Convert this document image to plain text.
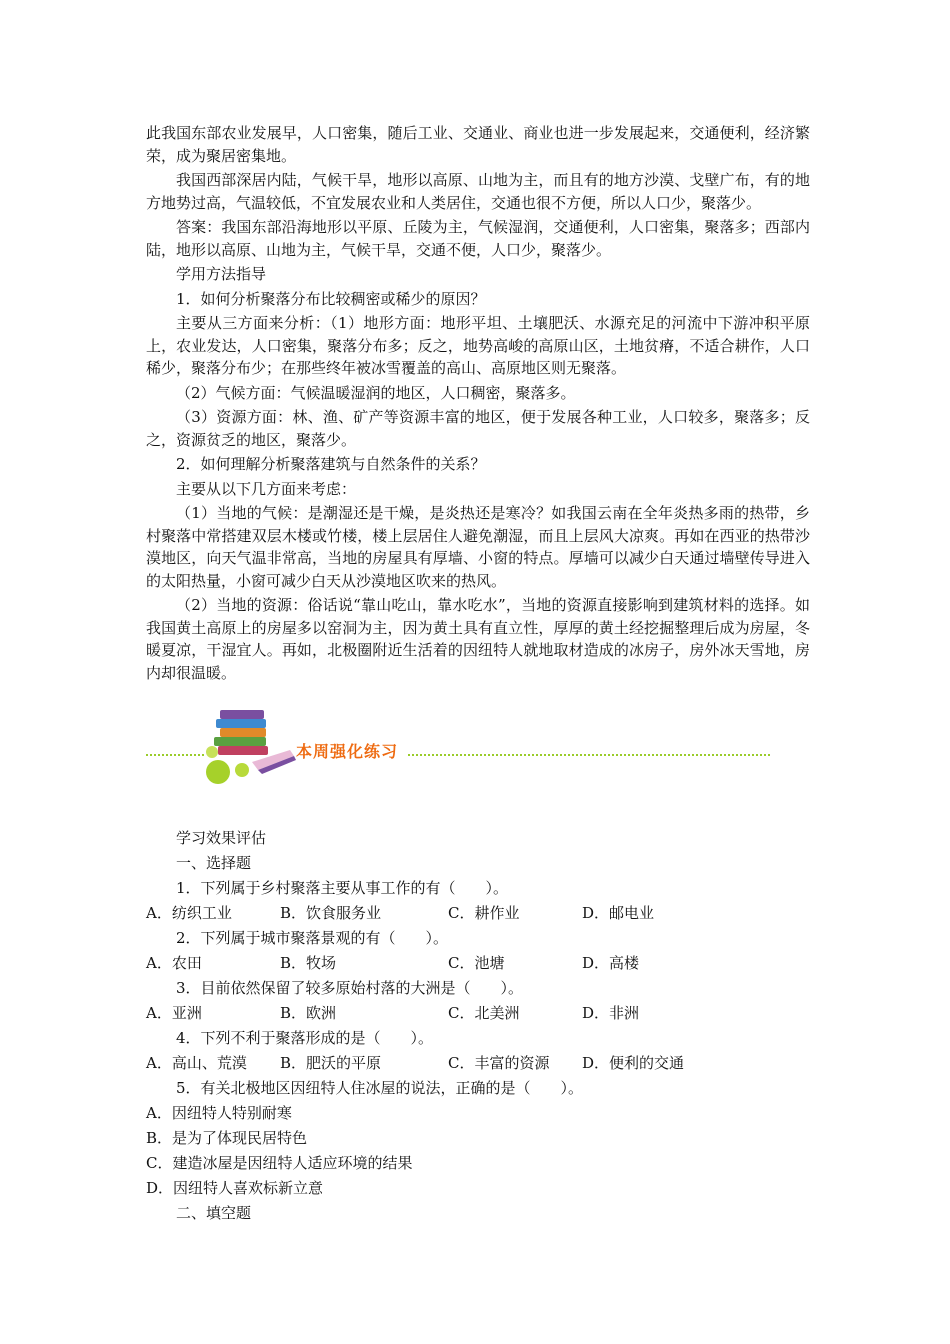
此我国东部农业发展早，人口密集，随后工业、交通业、商业也进一步发展起来，交通便利，经济繁荣，成为聚居密集地。

我国西部深居内陆，气候干旱，地形以高原、山地为主，而且有的地方沙漠、戈壁广布，有的地方地势过高，气温较低，不宜发展农业和人类居住，交通也很不方便，所以人口少，聚落少。

答案：我国东部沿海地形以平原、丘陵为主，气候湿润，交通便利，人口密集，聚落多；西部内陆，地形以高原、山地为主，气候干旱，交通不便，人口少，聚落少。

学用方法指导

1．如何分析聚落分布比较稠密或稀少的原因？

主要从三方面来分析：（1）地形方面：地形平坦、土壤肥沃、水源充足的河流中下游冲积平原上，农业发达，人口密集，聚落分布多；反之，地势高峻的高原山区，土地贫瘠，不适合耕作，人口稀少，聚落分布少；在那些终年被冰雪覆盖的高山、高原地区则无聚落。

（2）气候方面：气候温暖湿润的地区，人口稠密，聚落多。

（3）资源方面：林、渔、矿产等资源丰富的地区，便于发展各种工业，人口较多，聚落多；反之，资源贫乏的地区，聚落少。

2．如何理解分析聚落建筑与自然条件的关系？

主要从以下几方面来考虑：

（1）当地的气候：是潮湿还是干燥，是炎热还是寒冷？如我国云南在全年炎热多雨的热带，乡村聚落中常搭建双层木楼或竹楼，楼上层居住人避免潮湿，而且上层风大凉爽。再如在西亚的热带沙漠地区，向天气温非常高，当地的房屋具有厚墙、小窗的特点。厚墙可以减少白天通过墙壁传导进入的太阳热量，小窗可减少白天从沙漠地区吹来的热风。

（2）当地的资源：俗话说“靠山吃山，靠水吃水”，当地的资源直接影响到建筑材料的选择。如我国黄土高原上的房屋多以窑洞为主，因为黄土具有直立性，厚厚的黄土经挖掘整理后成为房屋，冬暖夏凉，干湿宜人。再如，北极圈附近生活着的因纽特人就地取材造成的冰房子，房外冰天雪地，房内却很温暖。

本周强化练习
学习效果评估
一、选择题
1．下列属于乡村聚落主要从事工作的有（　　）。
A．纺织工业	B．饮食服务业	C．耕作业	D．邮电业
2．下列属于城市聚落景观的有（　　）。
A．农田	B．牧场	C．池塘	D．高楼
3．目前依然保留了较多原始村落的大洲是（　　）。
A．亚洲	B．欧洲	C．北美洲	D．非洲
4．下列不利于聚落形成的是（　　）。
A．高山、荒漠	B．肥沃的平原	C．丰富的资源	D．便利的交通
5．有关北极地区因纽特人住冰屋的说法，正确的是（　　）。
A．因纽特人特别耐寒
B．是为了体现民居特色
C．建造冰屋是因纽特人适应环境的结果
D．因纽特人喜欢标新立意
二、填空题
